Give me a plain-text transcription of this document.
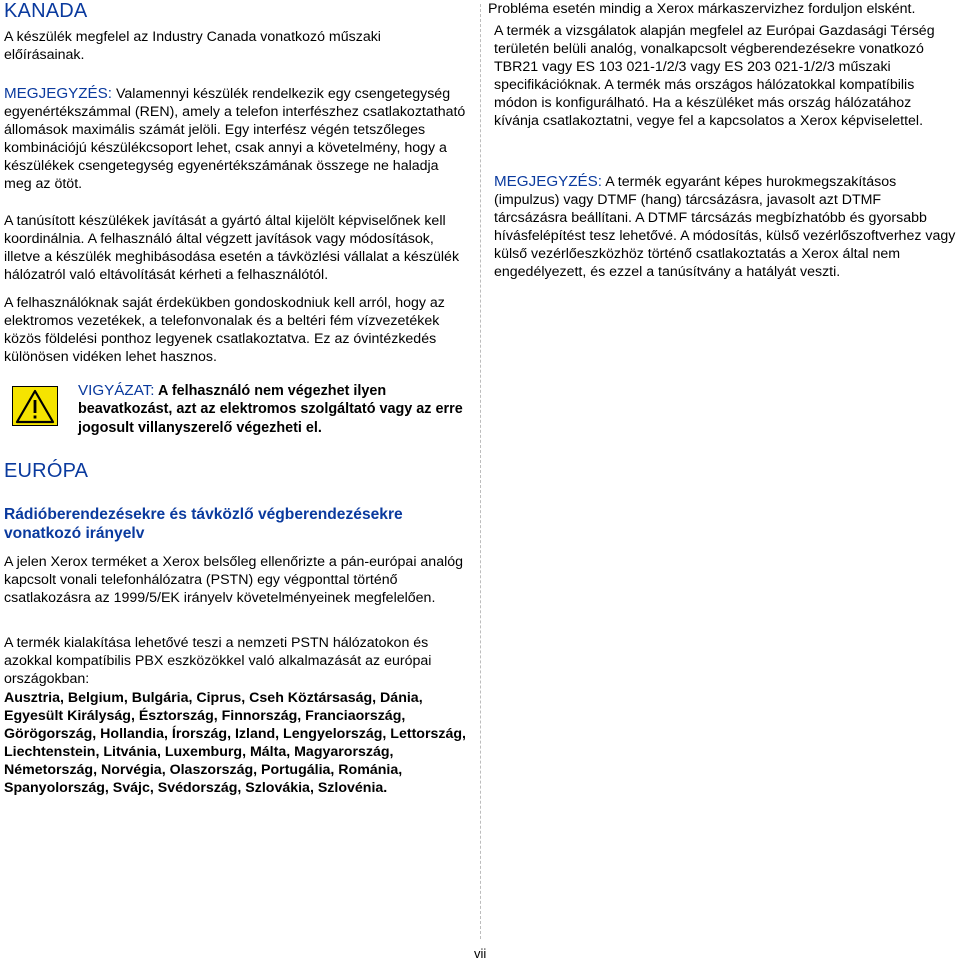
KANADA

A készülék megfelel az Industry Canada vonatkozó műszaki előírásainak.

MEGJEGYZÉS: Valamennyi készülék rendelkezik egy csengetegység egyenértékszámmal (REN), amely a telefon interfészhez csatlakoztatható állomások maximális számát jelöli. Egy interfész végén tetszőleges kombinációjú készülékcsoport lehet, csak annyi a követelmény, hogy a készülékek csengetegység egyenértékszámának összege ne haladja meg az ötöt.

A tanúsított készülékek javítását a gyártó által kijelölt képviselőnek kell koordinálnia. A felhasználó által végzett javítások vagy módosítások, illetve a készülék meghibásodása esetén a távközlési vállalat a készülék hálózatról való eltávolítását kérheti a felhasználótól.

A felhasználóknak saját érdekükben gondoskodniuk kell arról, hogy az elektromos vezetékek, a telefonvonalak és a beltéri fém vízvezetékek közös földelési ponthoz legyenek csatlakoztatva. Ez az óvintézkedés különösen vidéken lehet hasznos.

VIGYÁZAT: A felhasználó nem végezhet ilyen beavatkozást, azt az elektromos szolgáltató vagy az erre jogosult villanyszerelő végezheti el.
EURÓPA

Rádióberendezésekre és távközlő végberendezésekre vonatkozó irányelv

A jelen Xerox terméket a Xerox belsőleg ellenőrizte a pán-európai analóg kapcsolt vonali telefonhálózatra (PSTN) egy végponttal történő csatlakozásra az 1999/5/EK irányelv követelményeinek megfelelően.

A termék kialakítása lehetővé teszi a nemzeti PSTN hálózatokon és azokkal kompatíbilis PBX eszközökkel való alkalmazását az európai országokban:

Ausztria, Belgium, Bulgária, Ciprus, Cseh Köztársaság, Dánia, Egyesült Királyság, Észtország, Finnország, Franciaország, Görögország, Hollandia, Írország, Izland, Lengyelország, Lettország, Liechtenstein, Litvánia, Luxemburg, Málta, Magyarország, Németország, Norvégia, Olaszország, Portugália, Románia, Spanyolország, Svájc, Svédország, Szlovákia, Szlovénia.

Probléma esetén mindig a Xerox márkaszervizhez forduljon elsként.

A termék a vizsgálatok alapján megfelel az Európai Gazdasági Térség területén belüli analóg, vonalkapcsolt végberendezésekre vonatkozó TBR21 vagy ES 103 021-1/2/3 vagy ES 203 021-1/2/3 műszaki specifikációknak. A termék más országos hálózatokkal kompatíbilis módon is konfigurálható. Ha a készüléket más ország hálózatához kívánja csatlakoztatni, vegye fel a kapcsolatos a Xerox képviselettel.

MEGJEGYZÉS: A termék egyaránt képes hurokmegszakításos (impulzus) vagy DTMF (hang) tárcsázásra, javasolt azt DTMF tárcsázásra beállítani. A DTMF tárcsázás megbízhatóbb és gyorsabb hívásfelépítést tesz lehetővé. A módosítás, külső vezérlőszoftverhez vagy külső vezérlőeszközhöz történő csatlakoztatás a Xerox által nem engedélyezett, és ezzel a tanúsítvány a hatályát veszti.

vii
